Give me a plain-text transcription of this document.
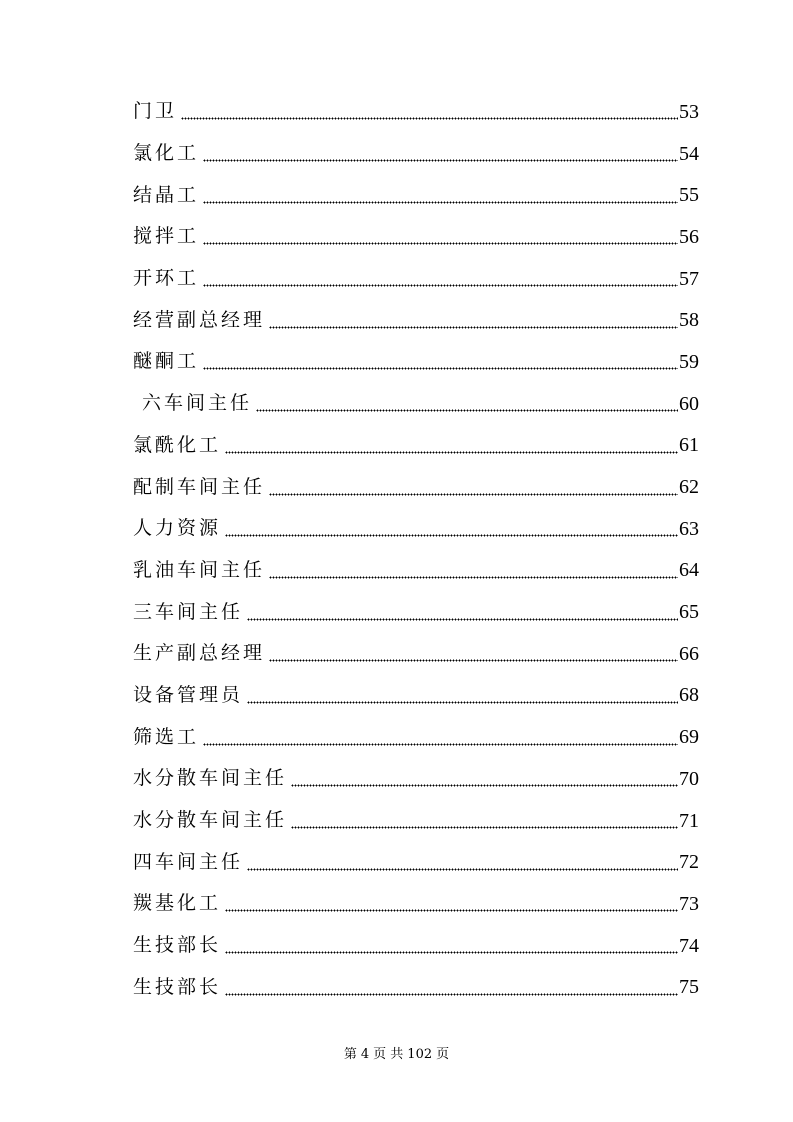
门卫	53
氯化工	54
结晶工	55
搅拌工	56
开环工	57
经营副总经理	58
醚酮工	59
六车间主任	60
氯酰化工	61
配制车间主任	62
人力资源	63
乳油车间主任	64
三车间主任	65
生产副总经理	66
设备管理员	68
筛选工	69
水分散车间主任	70
水分散车间主任	71
四车间主任	72
羰基化工	73
生技部长	74
生技部长	75
第 4 页 共 102 页
